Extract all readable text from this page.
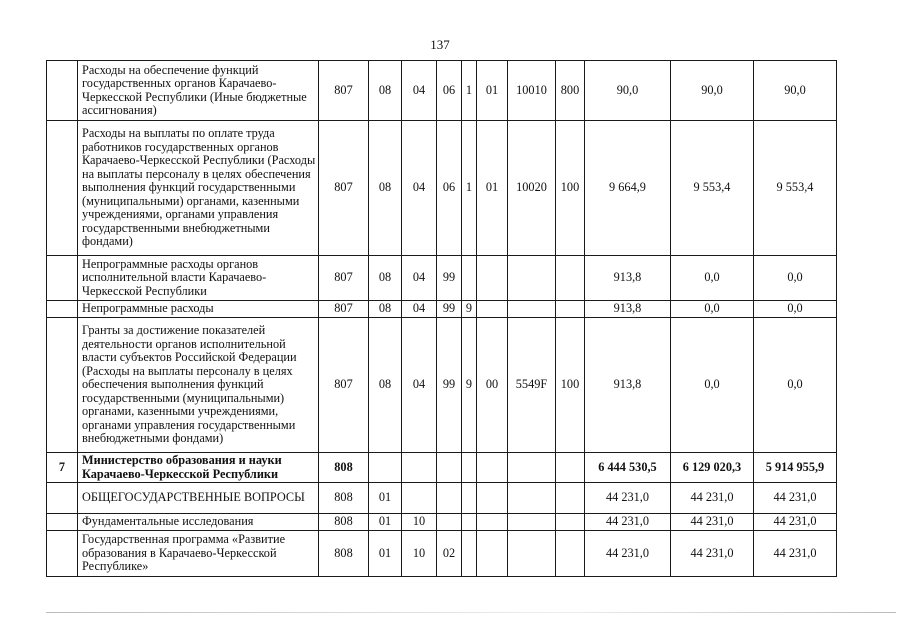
137
	Расходы на обеспечение функций государственных органов Карачаево-Черкесской Республики (Иные бюджетные ассигнования)	807	08	04	06	1	01	10010	800	90,0	90,0	90,0
	Расходы на выплаты по оплате труда работников государственных органов Карачаево-Черкесской Республики (Расходы на выплаты персоналу в целях обеспечения выполнения функций государственными (муниципальными) органами, казенными учреждениями, органами управления государственными внебюджетными фондами)	807	08	04	06	1	01	10020	100	9 664,9	9 553,4	9 553,4
	Непрограммные расходы органов исполнительной власти Карачаево-Черкесской Республики	807	08	04	99					913,8	0,0	0,0
	Непрограммные расходы	807	08	04	99	9				913,8	0,0	0,0
	Гранты за достижение показателей деятельности органов исполнительной власти субъектов Российской Федерации (Расходы на выплаты персоналу в целях обеспечения выполнения функций государственными (муниципальными) органами, казенными учреждениями, органами управления государственными внебюджетными фондами)	807	08	04	99	9	00	5549F	100	913,8	0,0	0,0
7	Министерство образования и науки Карачаево-Черкесской Республики	808								6 444 530,5	6 129 020,3	5 914 955,9
	ОБЩЕГОСУДАРСТВЕННЫЕ ВОПРОСЫ	808	01							44 231,0	44 231,0	44 231,0
	Фундаментальные исследования	808	01	10						44 231,0	44 231,0	44 231,0
	Государственная программа «Развитие образования в Карачаево-Черкесской Республике»	808	01	10	02					44 231,0	44 231,0	44 231,0
